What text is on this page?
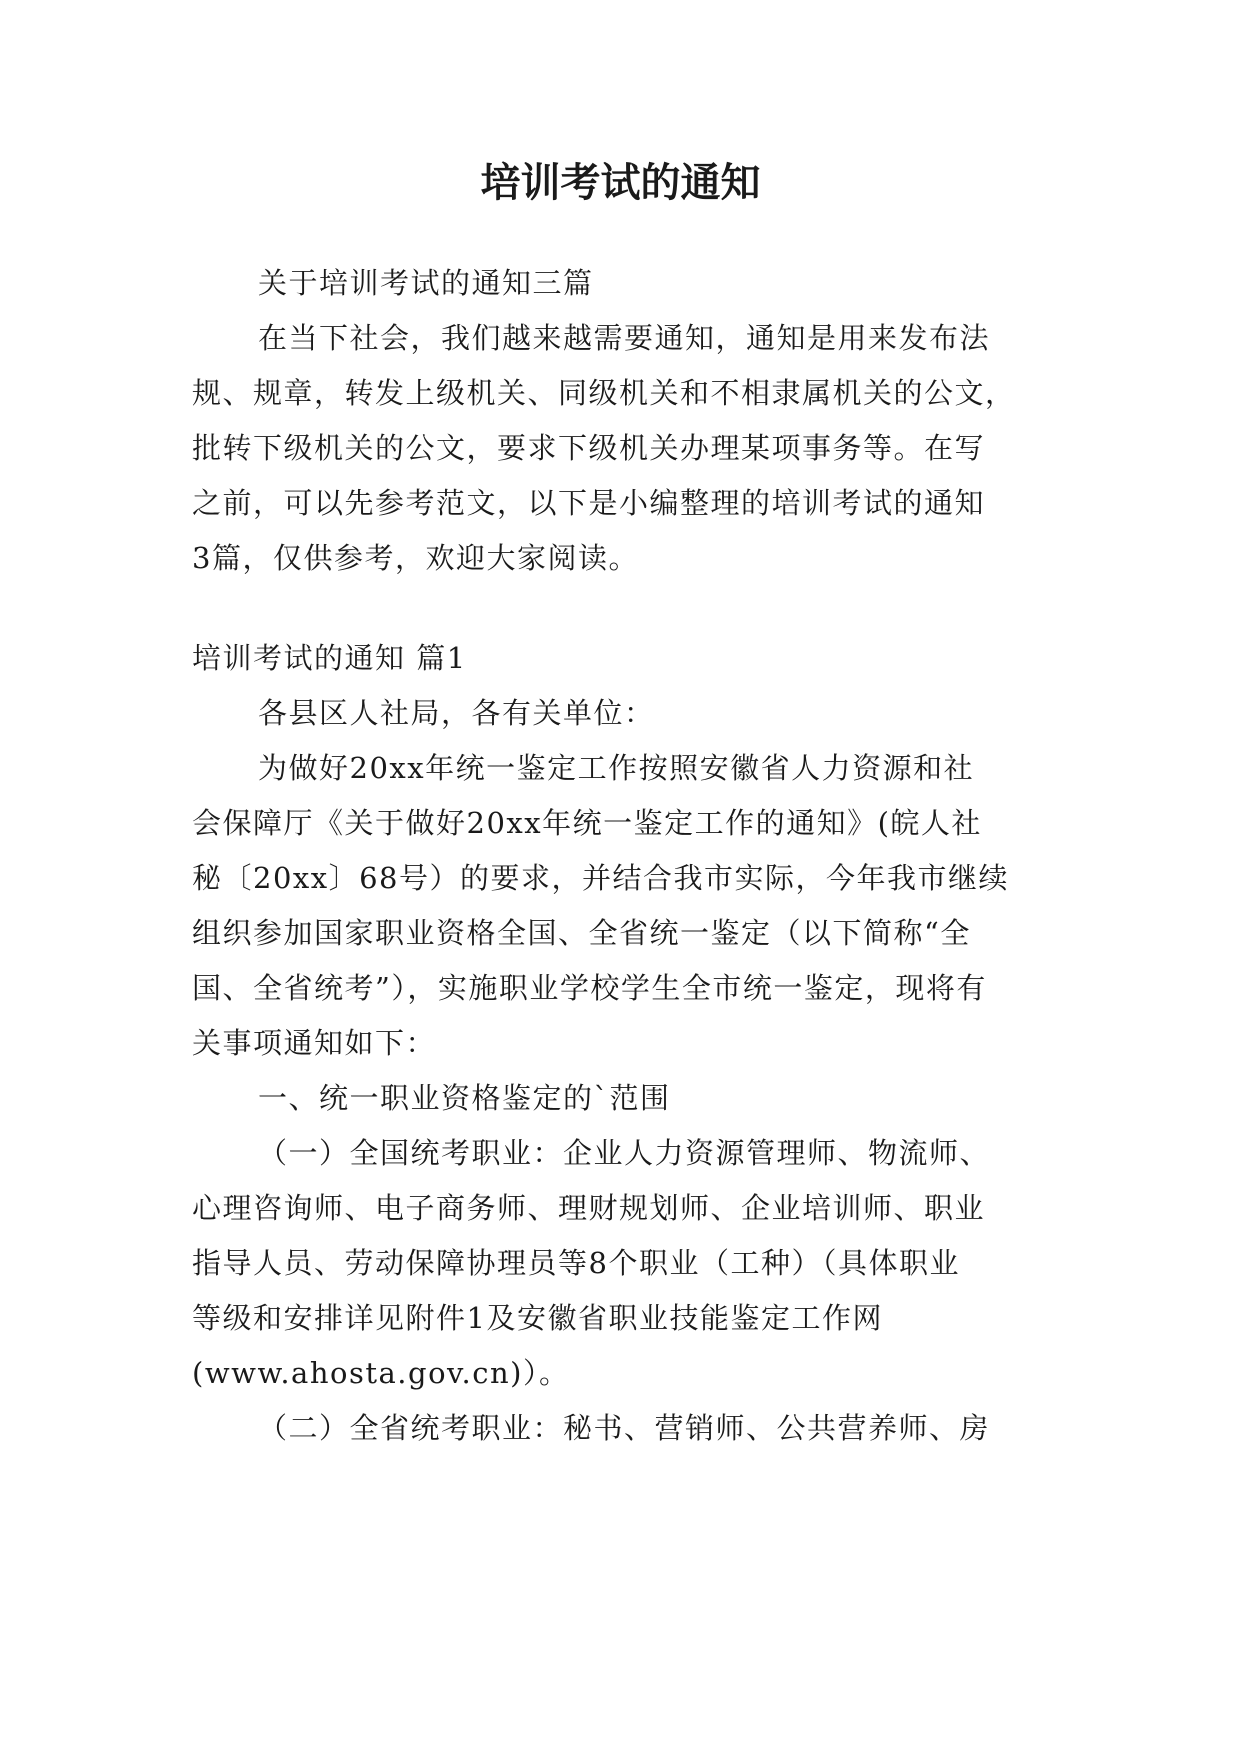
培训考试的通知
关于培训考试的通知三篇
在当下社会，我们越来越需要通知，通知是用来发布法
规、规章，转发上级机关、同级机关和不相隶属机关的公文，
批转下级机关的公文，要求下级机关办理某项事务等。在写
之前，可以先参考范文，以下是小编整理的培训考试的通知
3篇，仅供参考，欢迎大家阅读。
培训考试的通知 篇1
各县区人社局，各有关单位：
为做好20xx年统一鉴定工作按照安徽省人力资源和社
会保障厅《关于做好20xx年统一鉴定工作的通知》(皖人社
秘〔20xx〕68号）的要求，并结合我市实际，今年我市继续
组织参加国家职业资格全国、全省统一鉴定（以下简称“全
国、全省统考”），实施职业学校学生全市统一鉴定，现将有
关事项通知如下：
一、统一职业资格鉴定的`范围
（一）全国统考职业：企业人力资源管理师、物流师、
心理咨询师、电子商务师、理财规划师、企业培训师、职业
指导人员、劳动保障协理员等8个职业（工种）（具体职业
等级和安排详见附件1及安徽省职业技能鉴定工作网
(www.ahosta.gov.cn)）。
（二）全省统考职业：秘书、营销师、公共营养师、房
